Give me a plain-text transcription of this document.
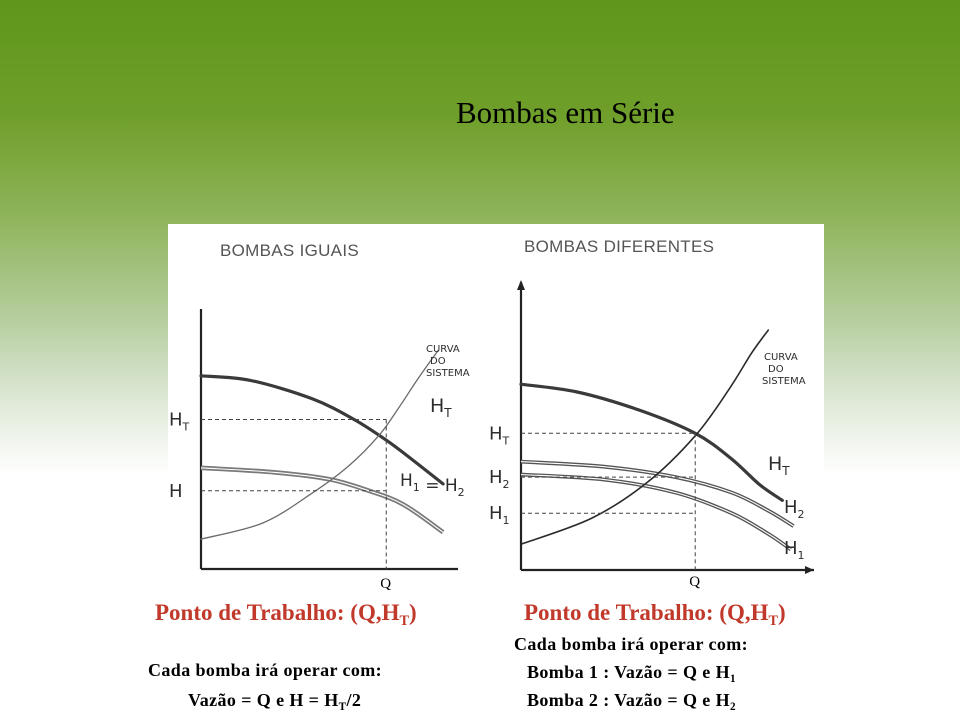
Bombas em Série
BOMBAS IGUAIS	BOMBAS DIFERENTES
$H_T$
H
Q
CURVA
DO
SISTEMA
$H_T$
$H_1 = H_2$
$H_T$
$H_2$
$H_1$
Q
CURVA
DO
SISTEMA
$H_T$
$H_2$
$H_1$
Ponto de Trabalho: $(Q,H_T)$	Ponto de Trabalho: $(Q,H_T)$
Cada bomba irá operar com:
Bomba 1 : Vazão = Q e $H_1$
Bomba 2 : Vazão = Q e $H_2$
Cada bomba irá operar com:
Vazão = Q e $H = H_T/2$
